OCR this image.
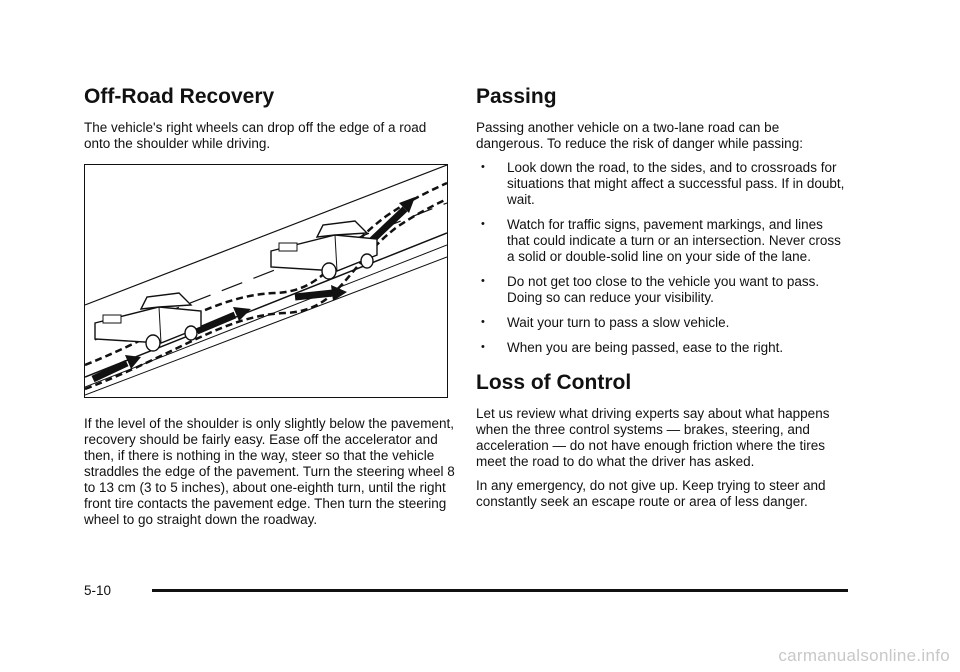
Off-Road Recovery

The vehicle's right wheels can drop off the edge of a road onto the shoulder while driving.

If the level of the shoulder is only slightly below the pavement, recovery should be fairly easy. Ease off the accelerator and then, if there is nothing in the way, steer so that the vehicle straddles the edge of the pavement. Turn the steering wheel 8 to 13 cm (3 to 5 inches), about one-eighth turn, until the right front tire contacts the pavement edge. Then turn the steering wheel to go straight down the roadway.

Passing

Passing another vehicle on a two-lane road can be dangerous. To reduce the risk of danger while passing:

• Look down the road, to the sides, and to crossroads for situations that might affect a successful pass. If in doubt, wait.
• Watch for traffic signs, pavement markings, and lines that could indicate a turn or an intersection. Never cross a solid or double-solid line on your side of the lane.
• Do not get too close to the vehicle you want to pass. Doing so can reduce your visibility.
• Wait your turn to pass a slow vehicle.
• When you are being passed, ease to the right.
Loss of Control

Let us review what driving experts say about what happens when the three control systems — brakes, steering, and acceleration — do not have enough friction where the tires meet the road to do what the driver has asked.

In any emergency, do not give up. Keep trying to steer and constantly seek an escape route or area of less danger.

5-10
carmanualsonline.info
